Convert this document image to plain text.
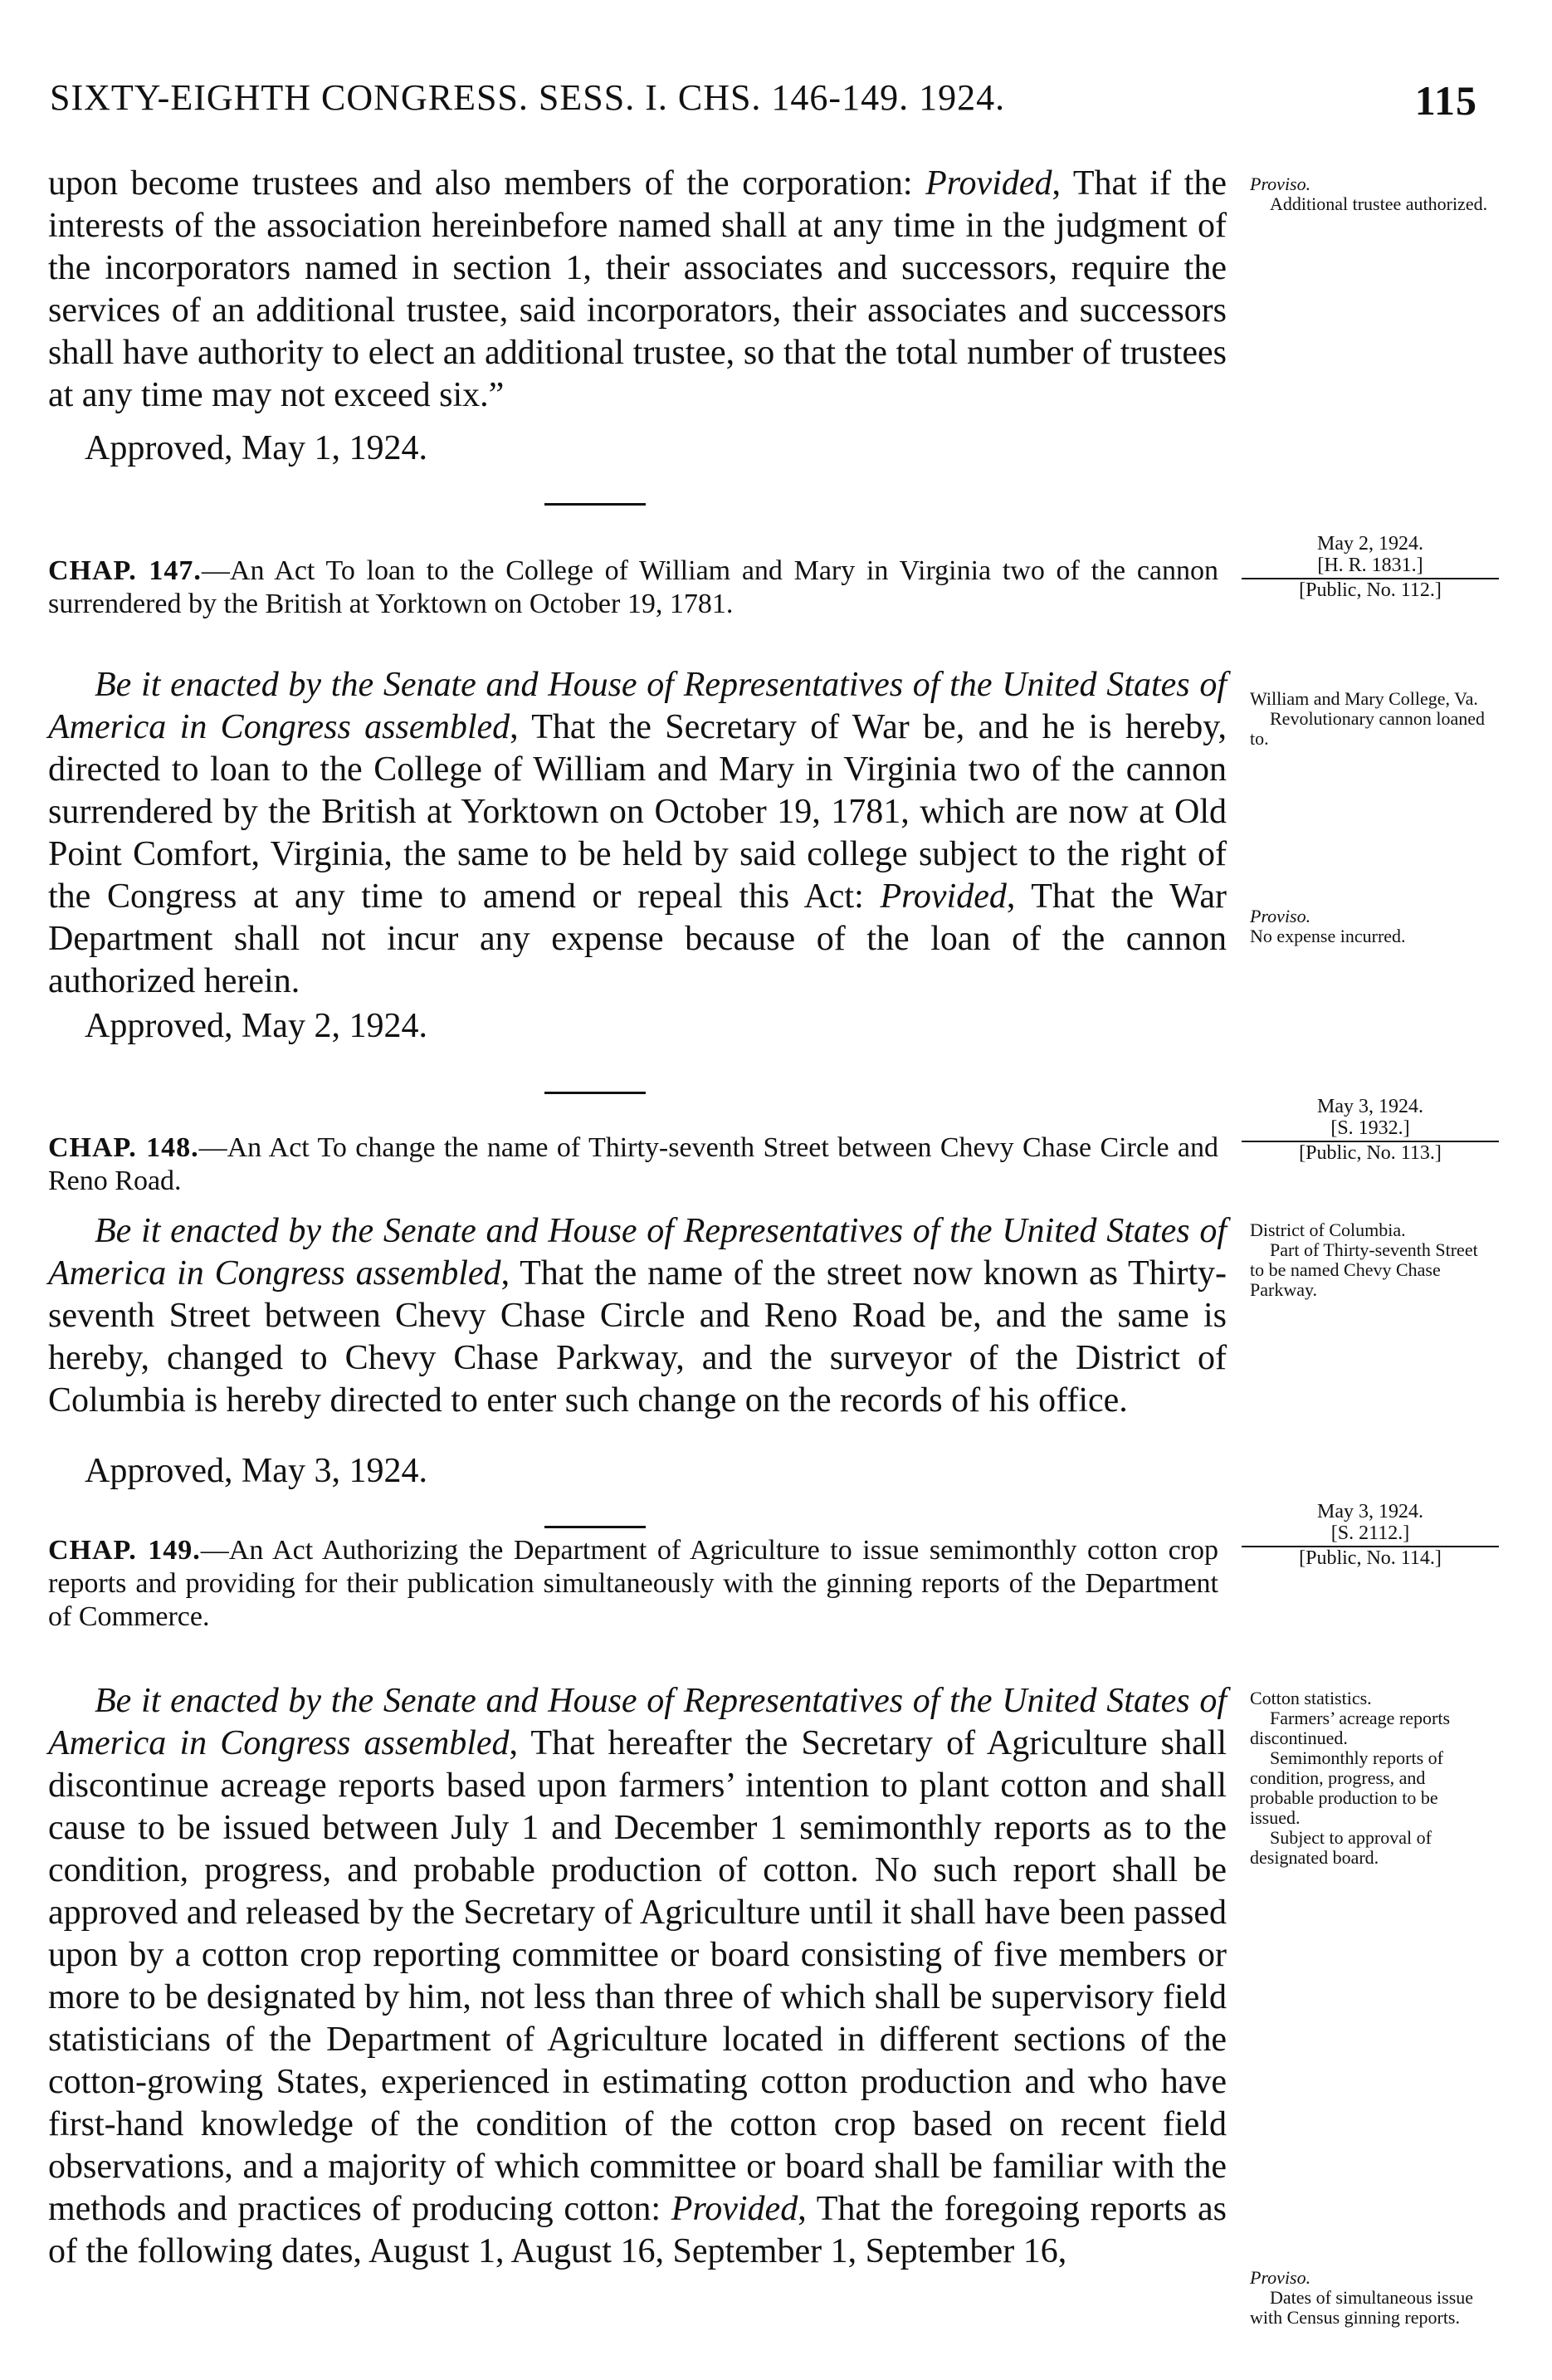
SIXTY-EIGHTH CONGRESS. SESS. I. CHS. 146-149. 1924.	115

upon become trustees and also members of the corporation: Provided, That if the interests of the association hereinbefore named shall at any time in the judgment of the incorporators named in section 1, their associates and successors, require the services of an additional trustee, said incorporators, their associates and successors shall have authority to elect an additional trustee, so that the total number of trustees at any time may not exceed six.”

Approved, May 1, 1924.
Proviso.
Additional trustee authorized.
May 2, 1924.
[H. R. 1831.]
[Public, No. 112.]
CHAP. 147.—An Act To loan to the College of William and Mary in Virginia two of the cannon surrendered by the British at Yorktown on October 19, 1781.

Be it enacted by the Senate and House of Representatives of the United States of America in Congress assembled, That the Secretary of War be, and he is hereby, directed to loan to the College of William and Mary in Virginia two of the cannon surrendered by the British at Yorktown on October 19, 1781, which are now at Old Point Comfort, Virginia, the same to be held by said college subject to the right of the Congress at any time to amend or repeal this Act: Provided, That the War Department shall not incur any expense because of the loan of the cannon authorized herein.

Approved, May 2, 1924.
William and Mary College, Va.
Revolutionary cannon loaned to.
Proviso.
No expense incurred.
May 3, 1924.
[S. 1932.]
[Public, No. 113.]
CHAP. 148.—An Act To change the name of Thirty-seventh Street between Chevy Chase Circle and Reno Road.

Be it enacted by the Senate and House of Representatives of the United States of America in Congress assembled, That the name of the street now known as Thirty-seventh Street between Chevy Chase Circle and Reno Road be, and the same is hereby, changed to Chevy Chase Parkway, and the surveyor of the District of Columbia is hereby directed to enter such change on the records of his office.

Approved, May 3, 1924.
District of Columbia.
Part of Thirty-seventh Street to be named Chevy Chase Parkway.
May 3, 1924.
[S. 2112.]
[Public, No. 114.]
CHAP. 149.—An Act Authorizing the Department of Agriculture to issue semimonthly cotton crop reports and providing for their publication simultaneously with the ginning reports of the Department of Commerce.

Be it enacted by the Senate and House of Representatives of the United States of America in Congress assembled, That hereafter the Secretary of Agriculture shall discontinue acreage reports based upon farmers’ intention to plant cotton and shall cause to be issued between July 1 and December 1 semimonthly reports as to the condition, progress, and probable production of cotton. No such report shall be approved and released by the Secretary of Agriculture until it shall have been passed upon by a cotton crop reporting committee or board consisting of five members or more to be designated by him, not less than three of which shall be supervisory field statisticians of the Department of Agriculture located in different sections of the cotton-growing States, experienced in estimating cotton production and who have first-hand knowledge of the condition of the cotton crop based on recent field observations, and a majority of which committee or board shall be familiar with the methods and practices of producing cotton: Provided, That the foregoing reports as of the following dates, August 1, August 16, September 1, September 16,

Cotton statistics.
Farmers’ acreage reports discontinued.
Semimonthly reports of condition, progress, and probable production to be issued.
Subject to approval of designated board.
Proviso.
Dates of simultaneous issue with Census ginning reports.
